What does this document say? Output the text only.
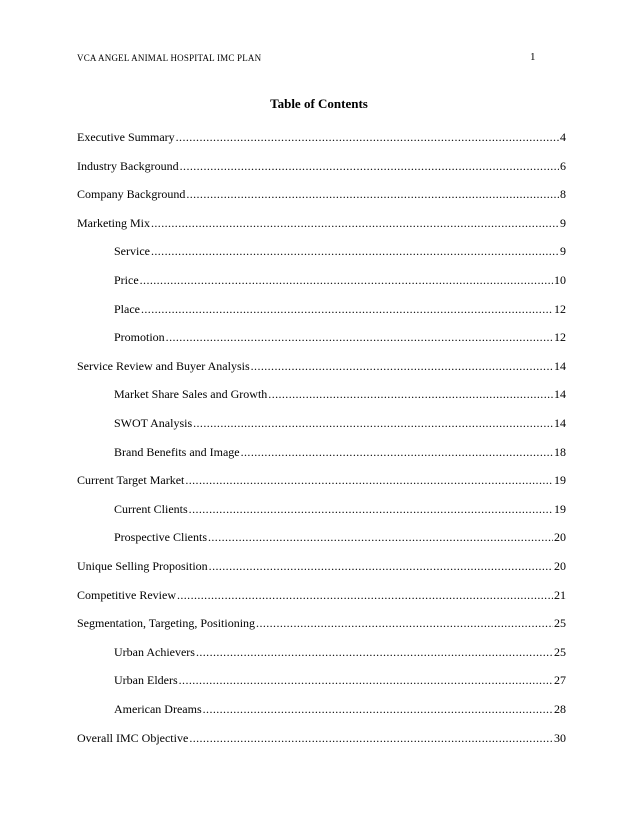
VCA ANGEL ANIMAL HOSPITAL IMC PLAN	1
Table of Contents
Executive Summary .....	4
Industry Background .....	6
Company Background .....	8
Marketing Mix .....	9
Service .....	9
Price .....	10
Place .....	12
Promotion .....	12
Service Review and Buyer Analysis .....	14
Market Share Sales and Growth .....	14
SWOT Analysis .....	14
Brand Benefits and Image .....	18
Current Target Market .....	19
Current Clients .....	19
Prospective Clients .....	20
Unique Selling Proposition .....	20
Competitive Review .....	21
Segmentation, Targeting, Positioning .....	25
Urban Achievers .....	25
Urban Elders .....	27
American Dreams .....	28
Overall IMC Objective .....	30
